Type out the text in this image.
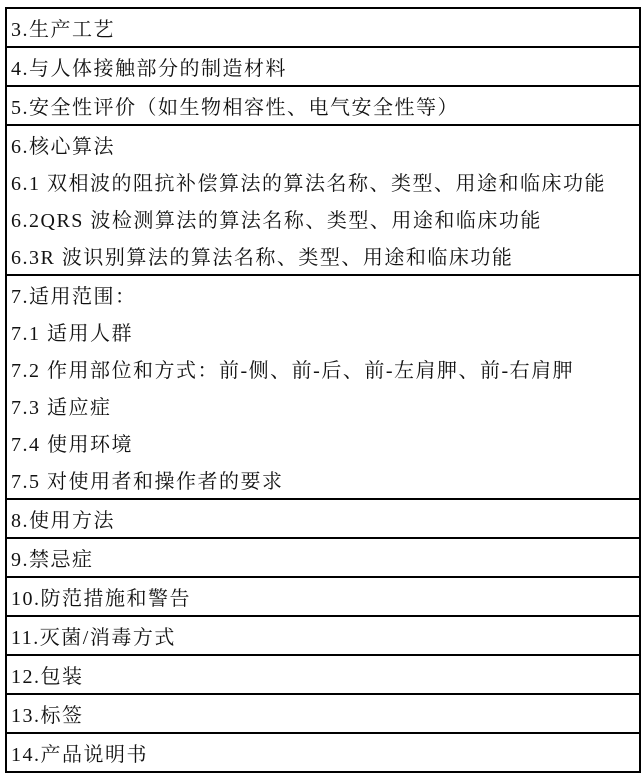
3.生产工艺
4.与人体接触部分的制造材料
5.安全性评价（如生物相容性、电气安全性等）
6.核心算法
6.1 双相波的阻抗补偿算法的算法名称、类型、用途和临床功能
6.2QRS 波检测算法的算法名称、类型、用途和临床功能
6.3R 波识别算法的算法名称、类型、用途和临床功能
7.适用范围：
7.1 适用人群
7.2 作用部位和方式：前-侧、前-后、前-左肩胛、前-右肩胛
7.3 适应症
7.4 使用环境
7.5 对使用者和操作者的要求
8.使用方法
9.禁忌症
10.防范措施和警告
11.灭菌/消毒方式
12.包装
13.标签
14.产品说明书
